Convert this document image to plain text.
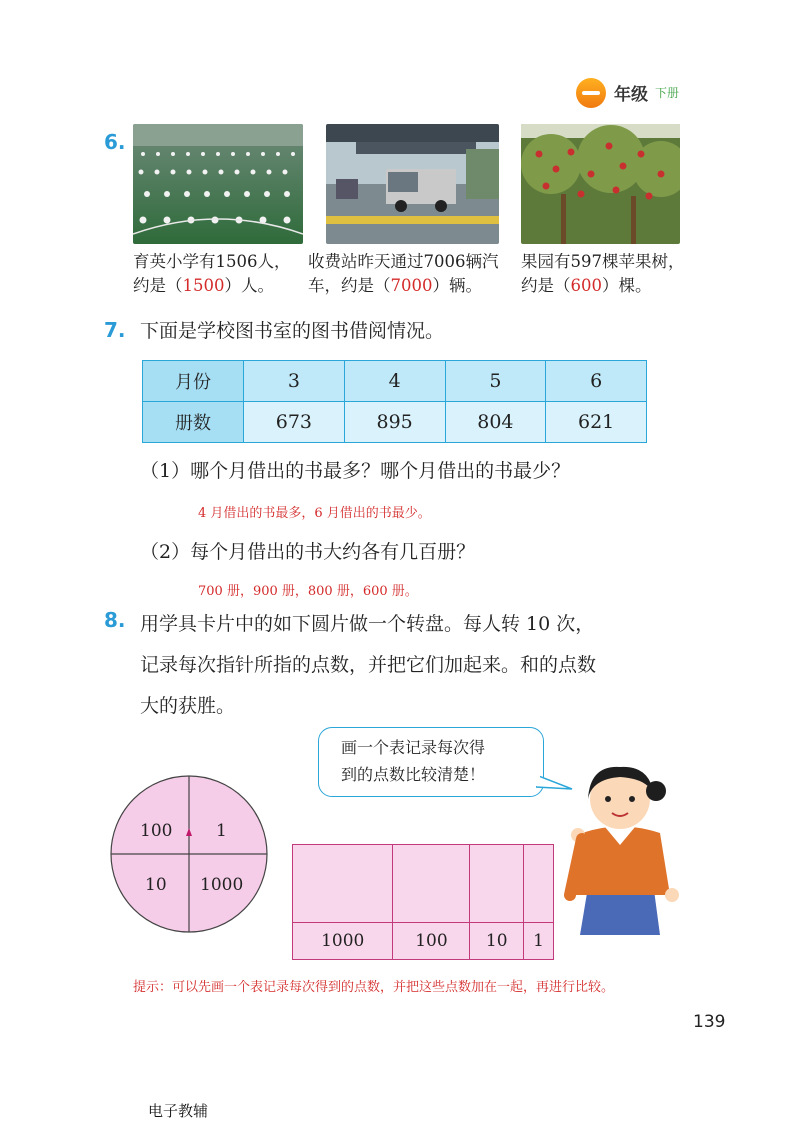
年级 下册
6.
育英小学有1506人，
约是（1500）人。
收费站昨天通过7006辆汽
车，约是（7000）辆。
果园有597棵苹果树，
约是（600）棵。
7. 下面是学校图书室的图书借阅情况。
月份	3	4	5	6
册数	673	895	804	621
（1）哪个月借出的书最多？哪个月借出的书最少？
4 月借出的书最多，6 月借出的书最少。
（2）每个月借出的书大约各有几百册？
700 册，900 册，800 册，600 册。
8. 用学具卡片中的如下圆片做一个转盘。每人转 10 次，
记录每次指针所指的点数，并把它们加起来。和的点数
大的获胜。
画一个表记录每次得
到的点数比较清楚！
100	1
10 1000

1000	100	10	1
提示：可以先画一个表记录每次得到的点数，并把这些点数加在一起，再进行比较。
139
电子教辅
